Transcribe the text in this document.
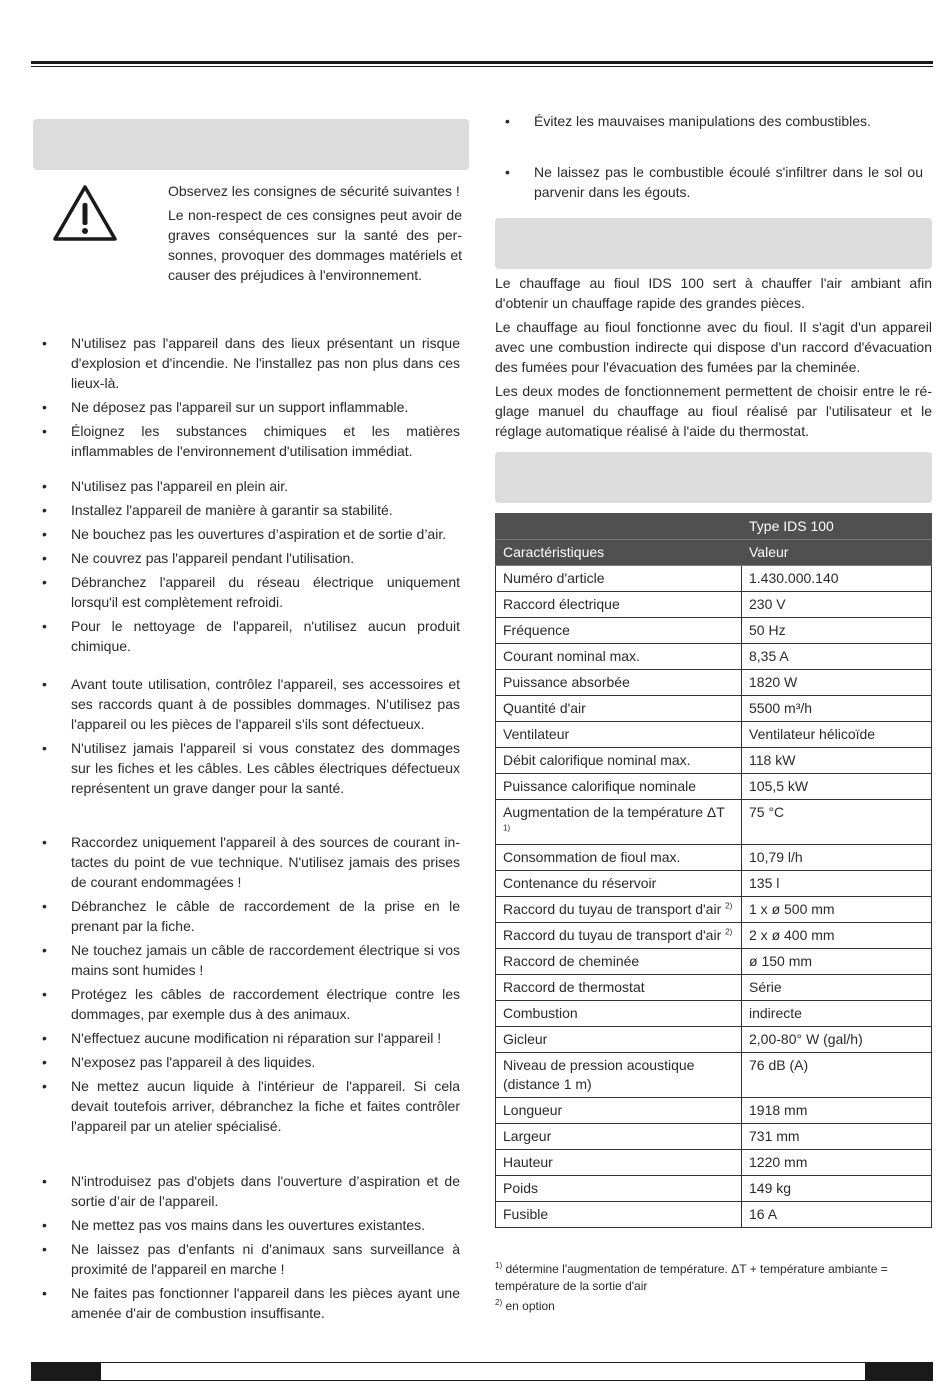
Observez les consignes de sécurité suivantes !
Le non-respect de ces consignes peut avoir de graves conséquences sur la santé des personnes, provoquer des dommages matériels et causer des préjudices à l'environnement.
• N'utilisez pas l'appareil dans des lieux présentant un risque d'explosion et d'incendie. Ne l'installez pas non plus dans ces lieux-là.
• Ne déposez pas l'appareil sur un support inflammable.
• Éloignez les substances chimiques et les matières inflammables de l'environnement d'utilisation immédiat.
• N'utilisez pas l'appareil en plein air.
• Installez l'appareil de manière à garantir sa stabilité.
• Ne bouchez pas les ouvertures d’aspiration et de sortie d’air.
• Ne couvrez pas l'appareil pendant l'utilisation.
• Débranchez l'appareil du réseau électrique uniquement lorsqu'il est complètement refroidi.
• Pour le nettoyage de l'appareil, n'utilisez aucun produit chimique.
• Avant toute utilisation, contrôlez l'appareil, ses accessoires et ses raccords quant à de possibles dommages. N'utilisez pas l'appareil ou les pièces de l'appareil s'ils sont défectueux.
• N'utilisez jamais l'appareil si vous constatez des dommages sur les fiches et les câbles. Les câbles électriques défectueux représentent un grave danger pour la santé.
• Raccordez uniquement l'appareil à des sources de courant intactes du point de vue technique. N'utilisez jamais des prises de courant endommagées !
• Débranchez le câble de raccordement de la prise en le prenant par la fiche.
• Ne touchez jamais un câble de raccordement électrique si vos mains sont humides !
• Protégez les câbles de raccordement électrique contre les dommages, par exemple dus à des animaux.
• N'effectuez aucune modification ni réparation sur l'appareil !
• N'exposez pas l'appareil à des liquides.
• Ne mettez aucun liquide à l'intérieur de l'appareil. Si cela devait toutefois arriver, débranchez la fiche et faites contrôler l'appareil par un atelier spécialisé.
• N'introduisez pas d'objets dans l'ouverture d’aspiration et de sortie d’air de l'appareil.
• Ne mettez pas vos mains dans les ouvertures existantes.
• Ne laissez pas d'enfants ni d'animaux sans surveillance à proximité de l'appareil en marche !
• Ne faites pas fonctionner l'appareil dans les pièces ayant une amenée d'air de combustion insuffisante.
• Évitez les mauvaises manipulations des combustibles.
• Ne laissez pas le combustible écoulé s'infiltrer dans le sol ou parvenir dans les égouts.
Le chauffage au fioul IDS 100 sert à chauffer l'air ambiant afin d'obtenir un chauffage rapide des grandes pièces.
Le chauffage au fioul fonctionne avec du fioul. Il s'agit d'un appareil avec une combustion indirecte qui dispose d'un raccord d'évacuation des fumées pour l'évacuation des fumées par la cheminée.
Les deux modes de fonctionnement permettent de choisir entre le réglage manuel du chauffage au fioul réalisé par l'utilisateur et le réglage automatique réalisé à l'aide du thermostat.
	Type IDS 100
Caractéristiques	Valeur
Numéro d'article	1.430.000.140
Raccord électrique	230 V
Fréquence	50 Hz
Courant nominal max.	8,35 A
Puissance absorbée	1820 W
Quantité d'air	5500 m³/h
Ventilateur	Ventilateur hélicoïde
Débit calorifique nominal max.	118 kW
Puissance calorifique nominale	105,5 kW
Augmentation de la température ΔT $^{1)}$	75 °C
Consommation de fioul max.	10,79 l/h
Contenance du réservoir	135 l
Raccord du tuyau de transport d'air $^{2)}$	1 x ø 500 mm
Raccord du tuyau de transport d'air $^{2)}$	2 x ø 400 mm
Raccord de cheminée	ø 150 mm
Raccord de thermostat	Série
Combustion	indirecte
Gicleur	2,00-80° W (gal/h)
Niveau de pression acoustique (distance 1 m)	76 dB (A)
Longueur	1918 mm
Largeur	731 mm
Hauteur	1220 mm
Poids	149 kg
Fusible	16 A
$^{1)}$ détermine l'augmentation de température. ΔT + température ambiante = température de la sortie d'air
$^{2)}$ en option
